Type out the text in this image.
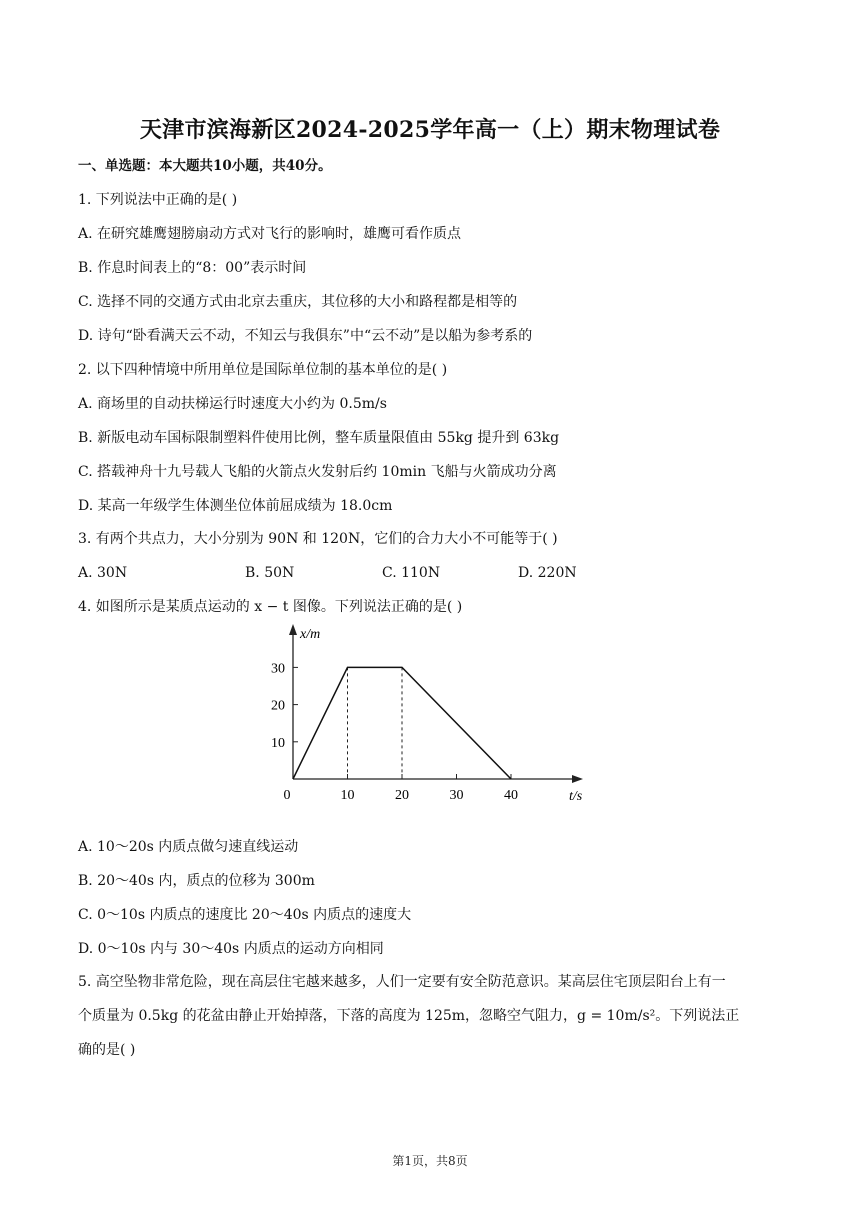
天津市滨海新区2024-2025学年高一（上）期末物理试卷
一、单选题：本大题共10小题，共40分。
1. 下列说法中正确的是( )
A. 在研究雄鹰翅膀扇动方式对飞行的影响时，雄鹰可看作质点
B. 作息时间表上的“8：00”表示时间
C. 选择不同的交通方式由北京去重庆，其位移的大小和路程都是相等的
D. 诗句“卧看满天云不动，不知云与我俱东”中“云不动”是以船为参考系的
2. 以下四种情境中所用单位是国际单位制的基本单位的是( )
A. 商场里的自动扶梯运行时速度大小约为 0.5m/s
B. 新版电动车国标限制塑料件使用比例，整车质量限值由 55kg 提升到 63kg
C. 搭载神舟十九号载人飞船的火箭点火发射后约 10min 飞船与火箭成功分离
D. 某高一年级学生体测坐位体前屈成绩为 18.0cm
3. 有两个共点力，大小分别为 90N 和 120N，它们的合力大小不可能等于( )
A. 30N	B. 50N	C. 110N	D. 220N
4. 如图所示是某质点运动的 x − t 图像。下列说法正确的是( )
x/m
t/s
0	10	20	30	40
10
20
30
A. 10～20s 内质点做匀速直线运动
B. 20～40s 内，质点的位移为 300m
C. 0～10s 内质点的速度比 20～40s 内质点的速度大
D. 0～10s 内与 30～40s 内质点的运动方向相同
5. 高空坠物非常危险，现在高层住宅越来越多，人们一定要有安全防范意识。某高层住宅顶层阳台上有一
个质量为 0.5kg 的花盆由静止开始掉落，下落的高度为 125m，忽略空气阻力，g = 10m/s²。下列说法正
确的是( )
第1页，共8页
